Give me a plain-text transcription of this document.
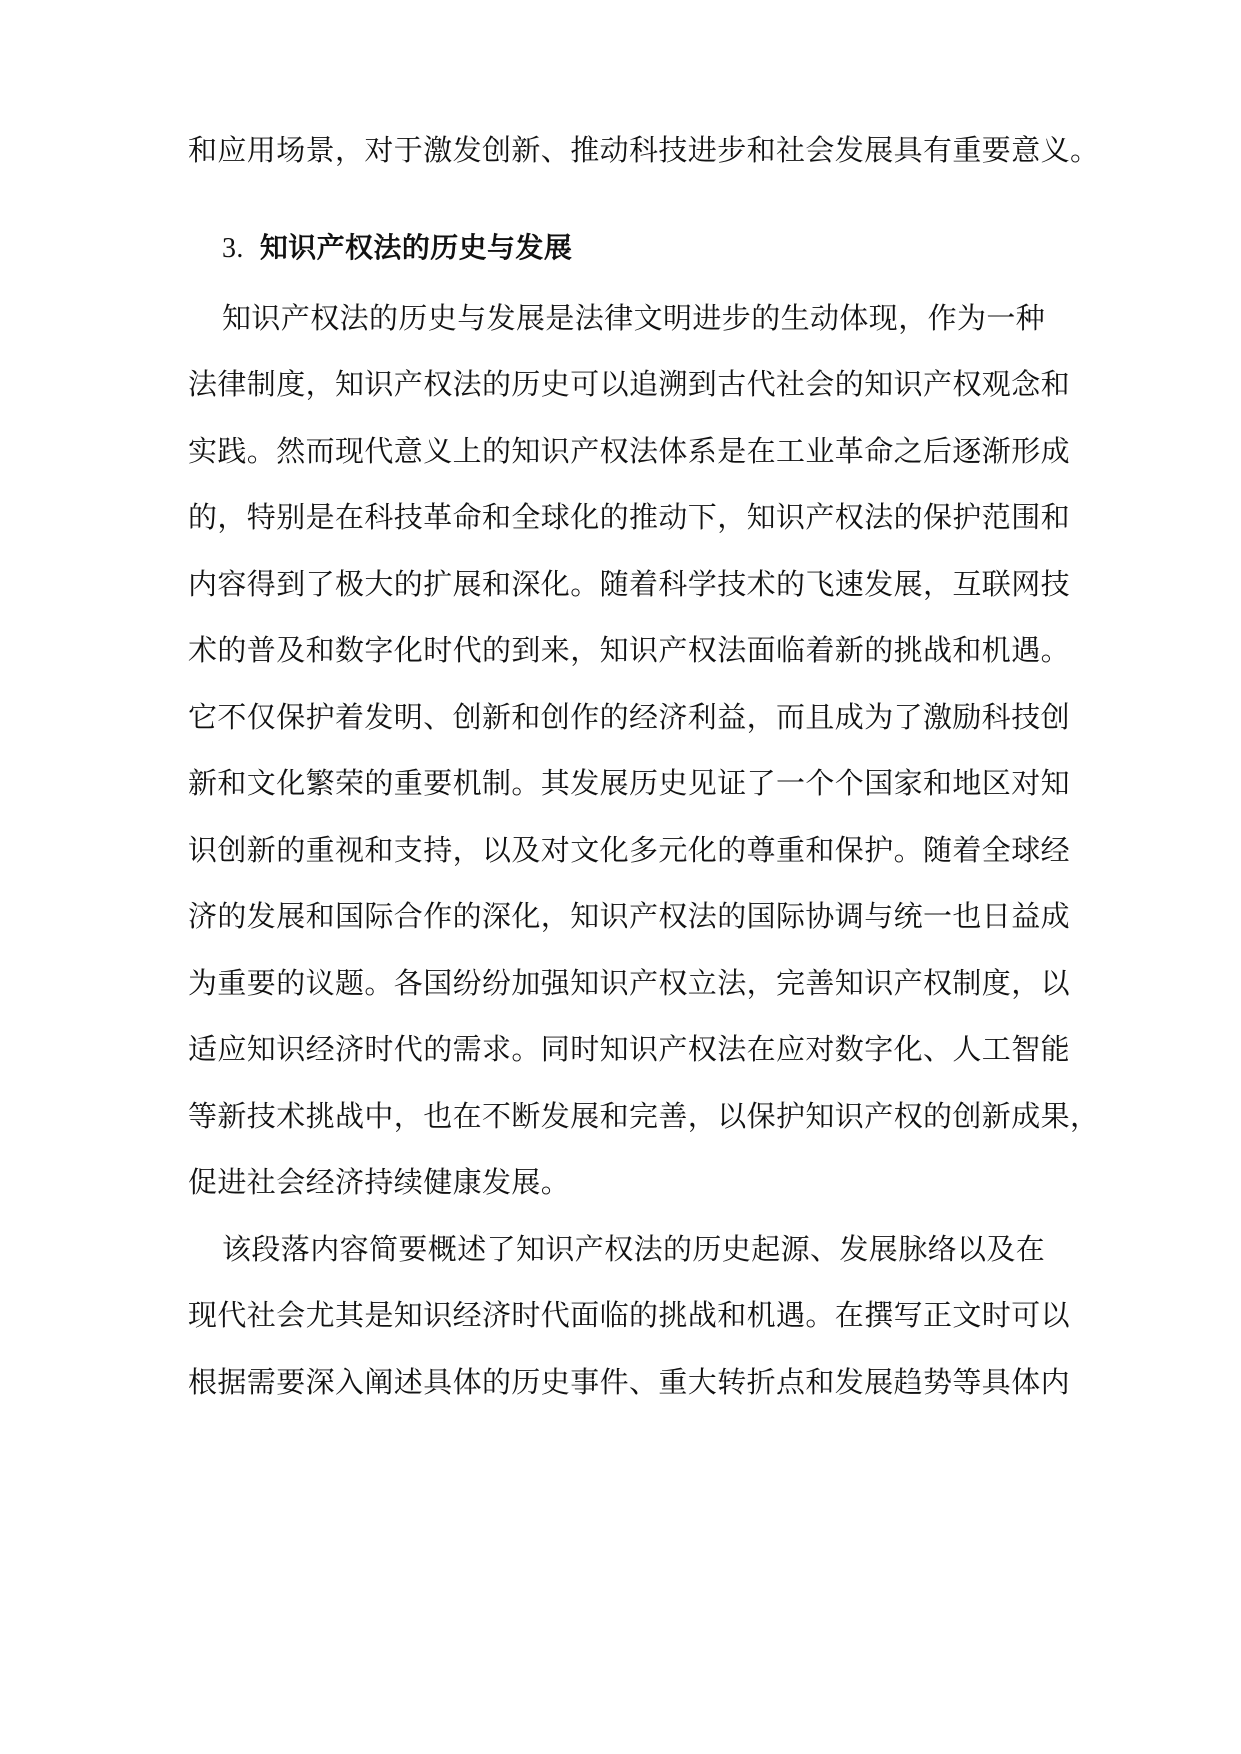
和应用场景，对于激发创新、推动科技进步和社会发展具有重要意义。
3. 知识产权法的历史与发展
知识产权法的历史与发展是法律文明进步的生动体现，作为一种
法律制度，知识产权法的历史可以追溯到古代社会的知识产权观念和
实践。然而现代意义上的知识产权法体系是在工业革命之后逐渐形成
的，特别是在科技革命和全球化的推动下，知识产权法的保护范围和
内容得到了极大的扩展和深化。随着科学技术的飞速发展，互联网技
术的普及和数字化时代的到来，知识产权法面临着新的挑战和机遇。
它不仅保护着发明、创新和创作的经济利益，而且成为了激励科技创
新和文化繁荣的重要机制。其发展历史见证了一个个国家和地区对知
识创新的重视和支持，以及对文化多元化的尊重和保护。随着全球经
济的发展和国际合作的深化，知识产权法的国际协调与统一也日益成
为重要的议题。各国纷纷加强知识产权立法，完善知识产权制度，以
适应知识经济时代的需求。同时知识产权法在应对数字化、人工智能
等新技术挑战中，也在不断发展和完善，以保护知识产权的创新成果，
促进社会经济持续健康发展。
该段落内容简要概述了知识产权法的历史起源、发展脉络以及在
现代社会尤其是知识经济时代面临的挑战和机遇。在撰写正文时可以
根据需要深入阐述具体的历史事件、重大转折点和发展趋势等具体内
